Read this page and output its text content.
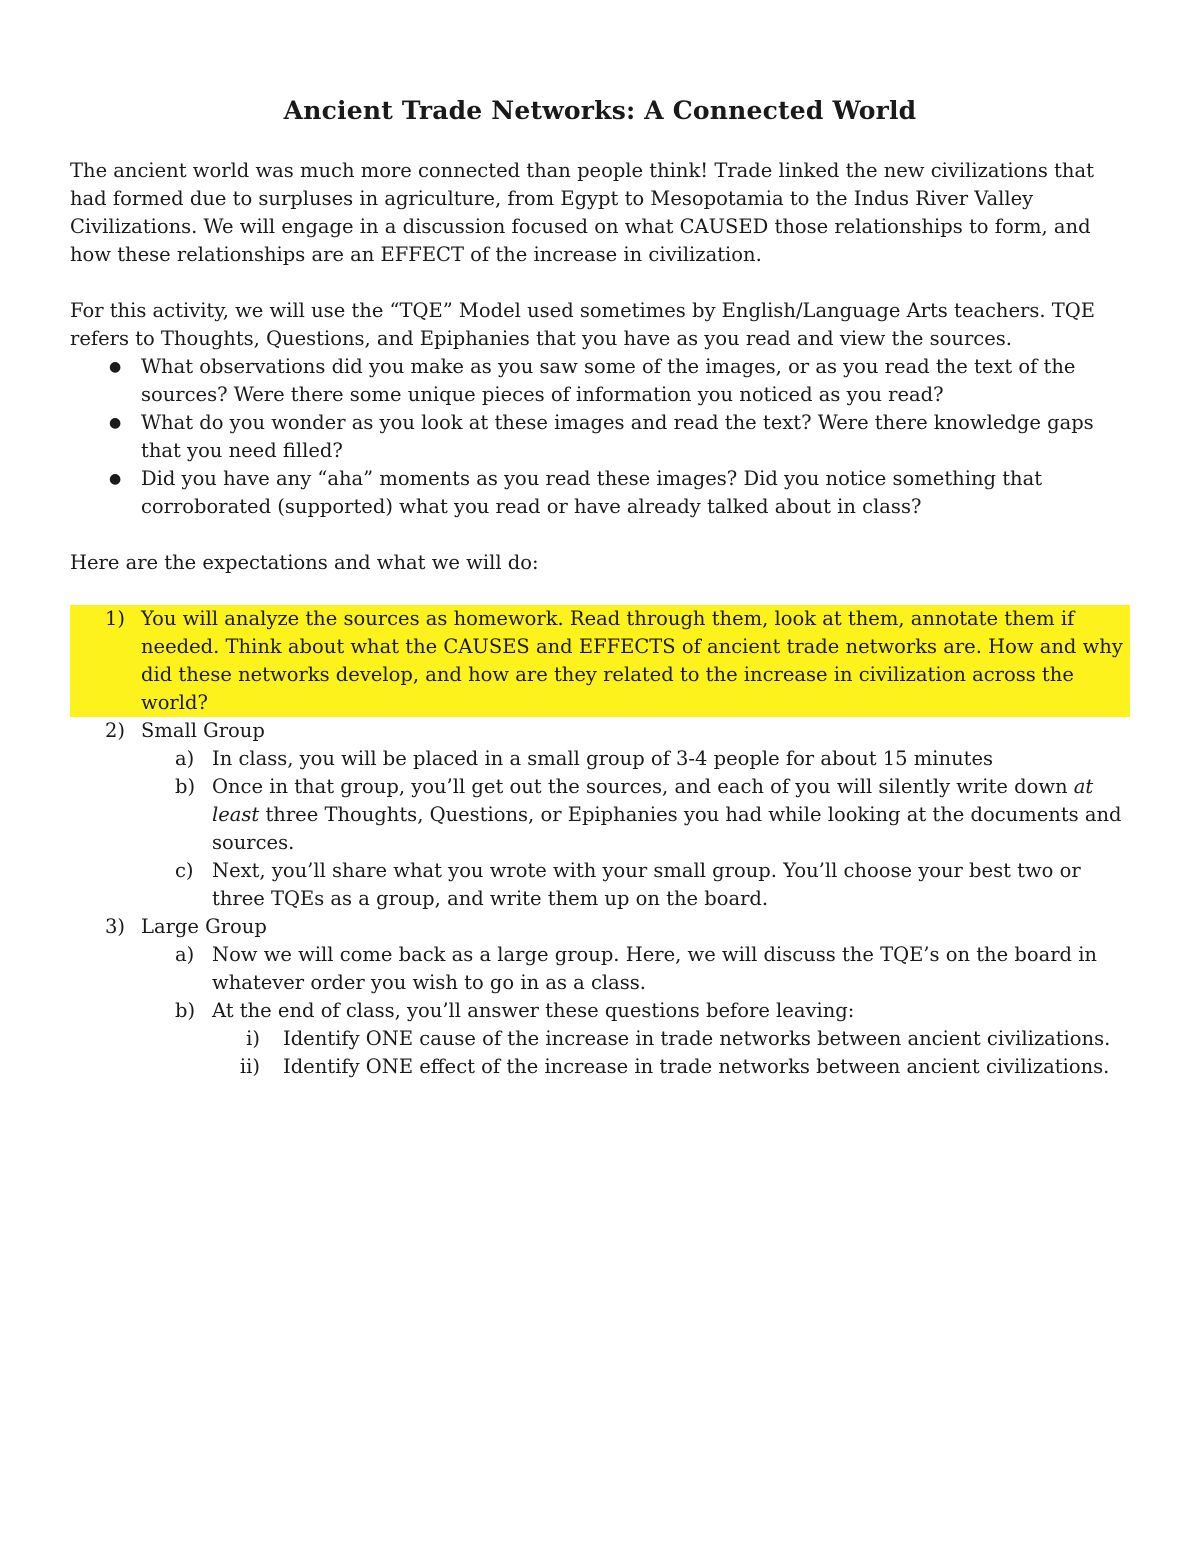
Ancient Trade Networks: A Connected World

The ancient world was much more connected than people think! Trade linked the new civilizations that had formed due to surpluses in agriculture, from Egypt to Mesopotamia to the Indus River Valley Civilizations. We will engage in a discussion focused on what CAUSED those relationships to form, and how these relationships are an EFFECT of the increase in civilization.

For this activity, we will use the “TQE” Model used sometimes by English/Language Arts teachers. TQE refers to Thoughts, Questions, and Epiphanies that you have as you read and view the sources.

● What observations did you make as you saw some of the images, or as you read the text of the sources? Were there some unique pieces of information you noticed as you read?
● What do you wonder as you look at these images and read the text? Were there knowledge gaps that you need filled?
● Did you have any “aha” moments as you read these images? Did you notice something that corroborated (supported) what you read or have already talked about in class?

Here are the expectations and what we will do:

1) You will analyze the sources as homework. Read through them, look at them, annotate them if needed. Think about what the CAUSES and EFFECTS of ancient trade networks are. How and why did these networks develop, and how are they related to the increase in civilization across the world?
2) Small Group
a) In class, you will be placed in a small group of 3-4 people for about 15 minutes
b) Once in that group, you’ll get out the sources, and each of you will silently write down at least three Thoughts, Questions, or Epiphanies you had while looking at the documents and sources.
c) Next, you’ll share what you wrote with your small group. You’ll choose your best two or three TQEs as a group, and write them up on the board.
3) Large Group
a) Now we will come back as a large group. Here, we will discuss the TQE’s on the board in whatever order you wish to go in as a class.
b) At the end of class, you’ll answer these questions before leaving:
i) Identify ONE cause of the increase in trade networks between ancient civilizations.
ii) Identify ONE effect of the increase in trade networks between ancient civilizations.
